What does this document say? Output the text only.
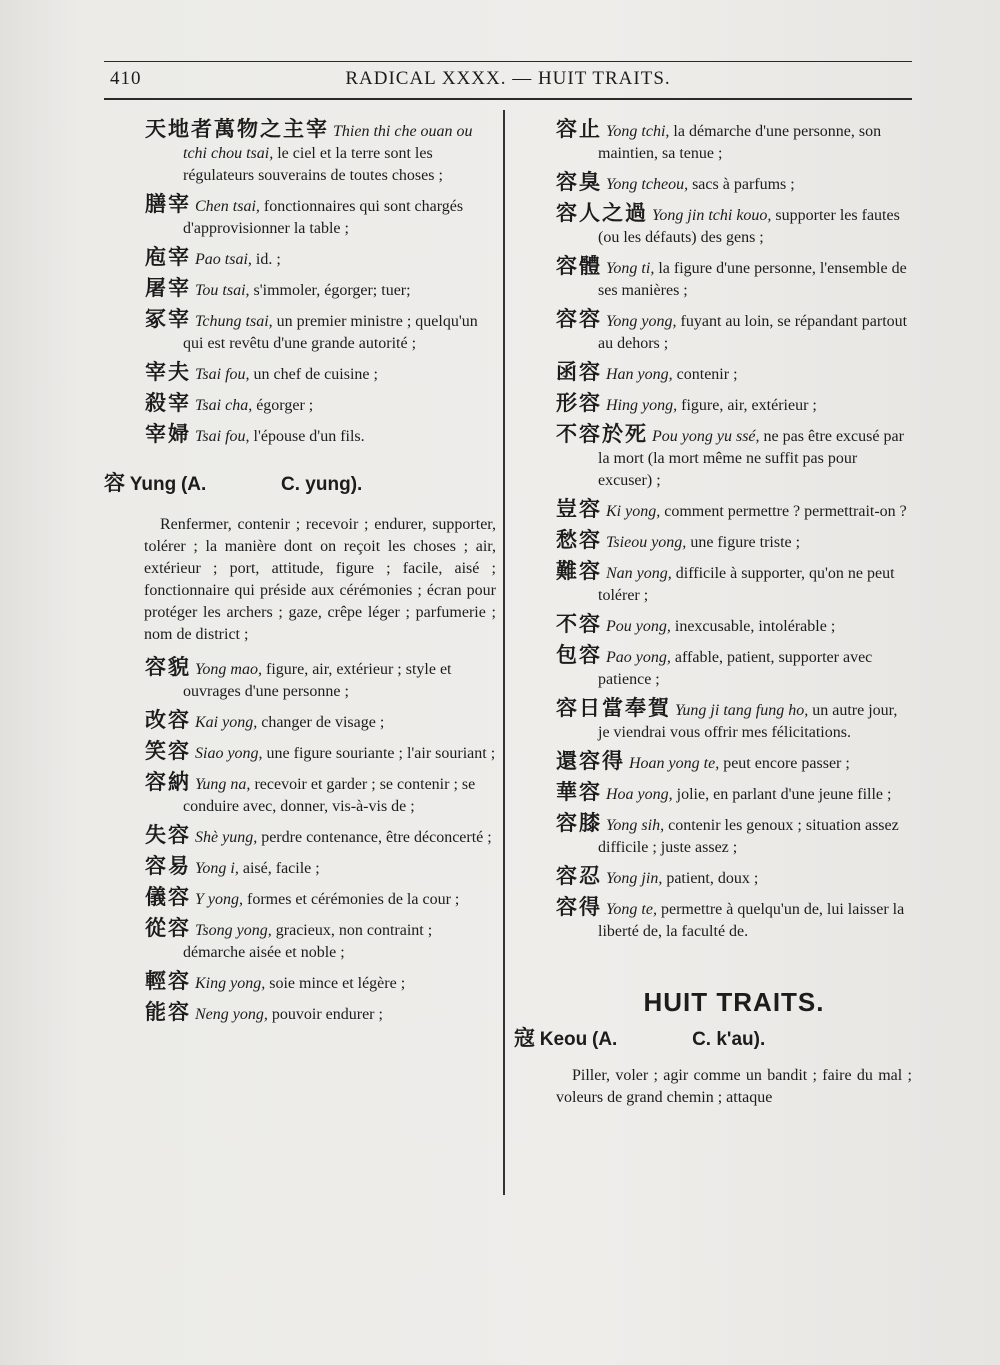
410	RADICAL XXXX. — HUIT TRAITS.
天地者萬物之主宰 Thien thi che ouan ou tchi chou tsai, le ciel et la terre sont les régulateurs souverains de toutes choses ;
膳宰 Chen tsai, fonctionnaires qui sont chargés d'approvisionner la table ;
庖宰 Pao tsai, id. ;
屠宰 Tou tsai, s'immoler, égorger; tuer;
冢宰 Tchung tsai, un premier ministre ; quelqu'un qui est revêtu d'une grande autorité ;
宰夫 Tsai fou, un chef de cuisine ;
殺宰 Tsai cha, égorger ;
宰婦 Tsai fou, l'épouse d'un fils.
容 Yung (A.	C. yung).
Renfermer, contenir ; recevoir ; endurer, supporter, tolérer ; la manière dont on reçoit les choses ; air, extérieur ; port, attitude, figure ; facile, aisé ; fonctionnaire qui préside aux cérémonies ; écran pour protéger les archers ; gaze, crêpe léger ; parfumerie ; nom de district ;
容貌 Yong mao, figure, air, extérieur ; style et ouvrages d'une personne ;
改容 Kai yong, changer de visage ;
笑容 Siao yong, une figure souriante ; l'air souriant ;
容納 Yung na, recevoir et garder ; se contenir ; se conduire avec, donner, vis-à-vis de ;
失容 Shè yung, perdre contenance, être déconcerté ;
容易 Yong i, aisé, facile ;
儀容 Y yong, formes et cérémonies de la cour ;
從容 Tsong yong, gracieux, non contraint ; démarche aisée et noble ;
輕容 King yong, soie mince et légère ;
能容 Neng yong, pouvoir endurer ;
容止 Yong tchi, la démarche d'une personne, son maintien, sa tenue ;
容臭 Yong tcheou, sacs à parfums ;
容人之過 Yong jin tchi kouo, supporter les fautes (ou les défauts) des gens ;
容體 Yong ti, la figure d'une personne, l'ensemble de ses manières ;
容容 Yong yong, fuyant au loin, se répandant partout au dehors ;
函容 Han yong, contenir ;
形容 Hing yong, figure, air, extérieur ;
不容於死 Pou yong yu ssé, ne pas être excusé par la mort (la mort même ne suffit pas pour excuser) ;
豈容 Ki yong, comment permettre ? permettrait-on ?
愁容 Tsieou yong, une figure triste ;
難容 Nan yong, difficile à supporter, qu'on ne peut tolérer ;
不容 Pou yong, inexcusable, intolérable ;
包容 Pao yong, affable, patient, supporter avec patience ;
容日當奉賀 Yung ji tang fung ho, un autre jour, je viendrai vous offrir mes félicitations.
還容得 Hoan yong te, peut encore passer ;
華容 Hoa yong, jolie, en parlant d'une jeune fille ;
容膝 Yong sih, contenir les genoux ; situation assez difficile ; juste assez ;
容忍 Yong jin, patient, doux ;
容得 Yong te, permettre à quelqu'un de, lui laisser la liberté de, la faculté de.
HUIT TRAITS.
寇 Keou (A.	C. k'au).
Piller, voler ; agir comme un bandit ; faire du mal ; voleurs de grand chemin ; attaque
